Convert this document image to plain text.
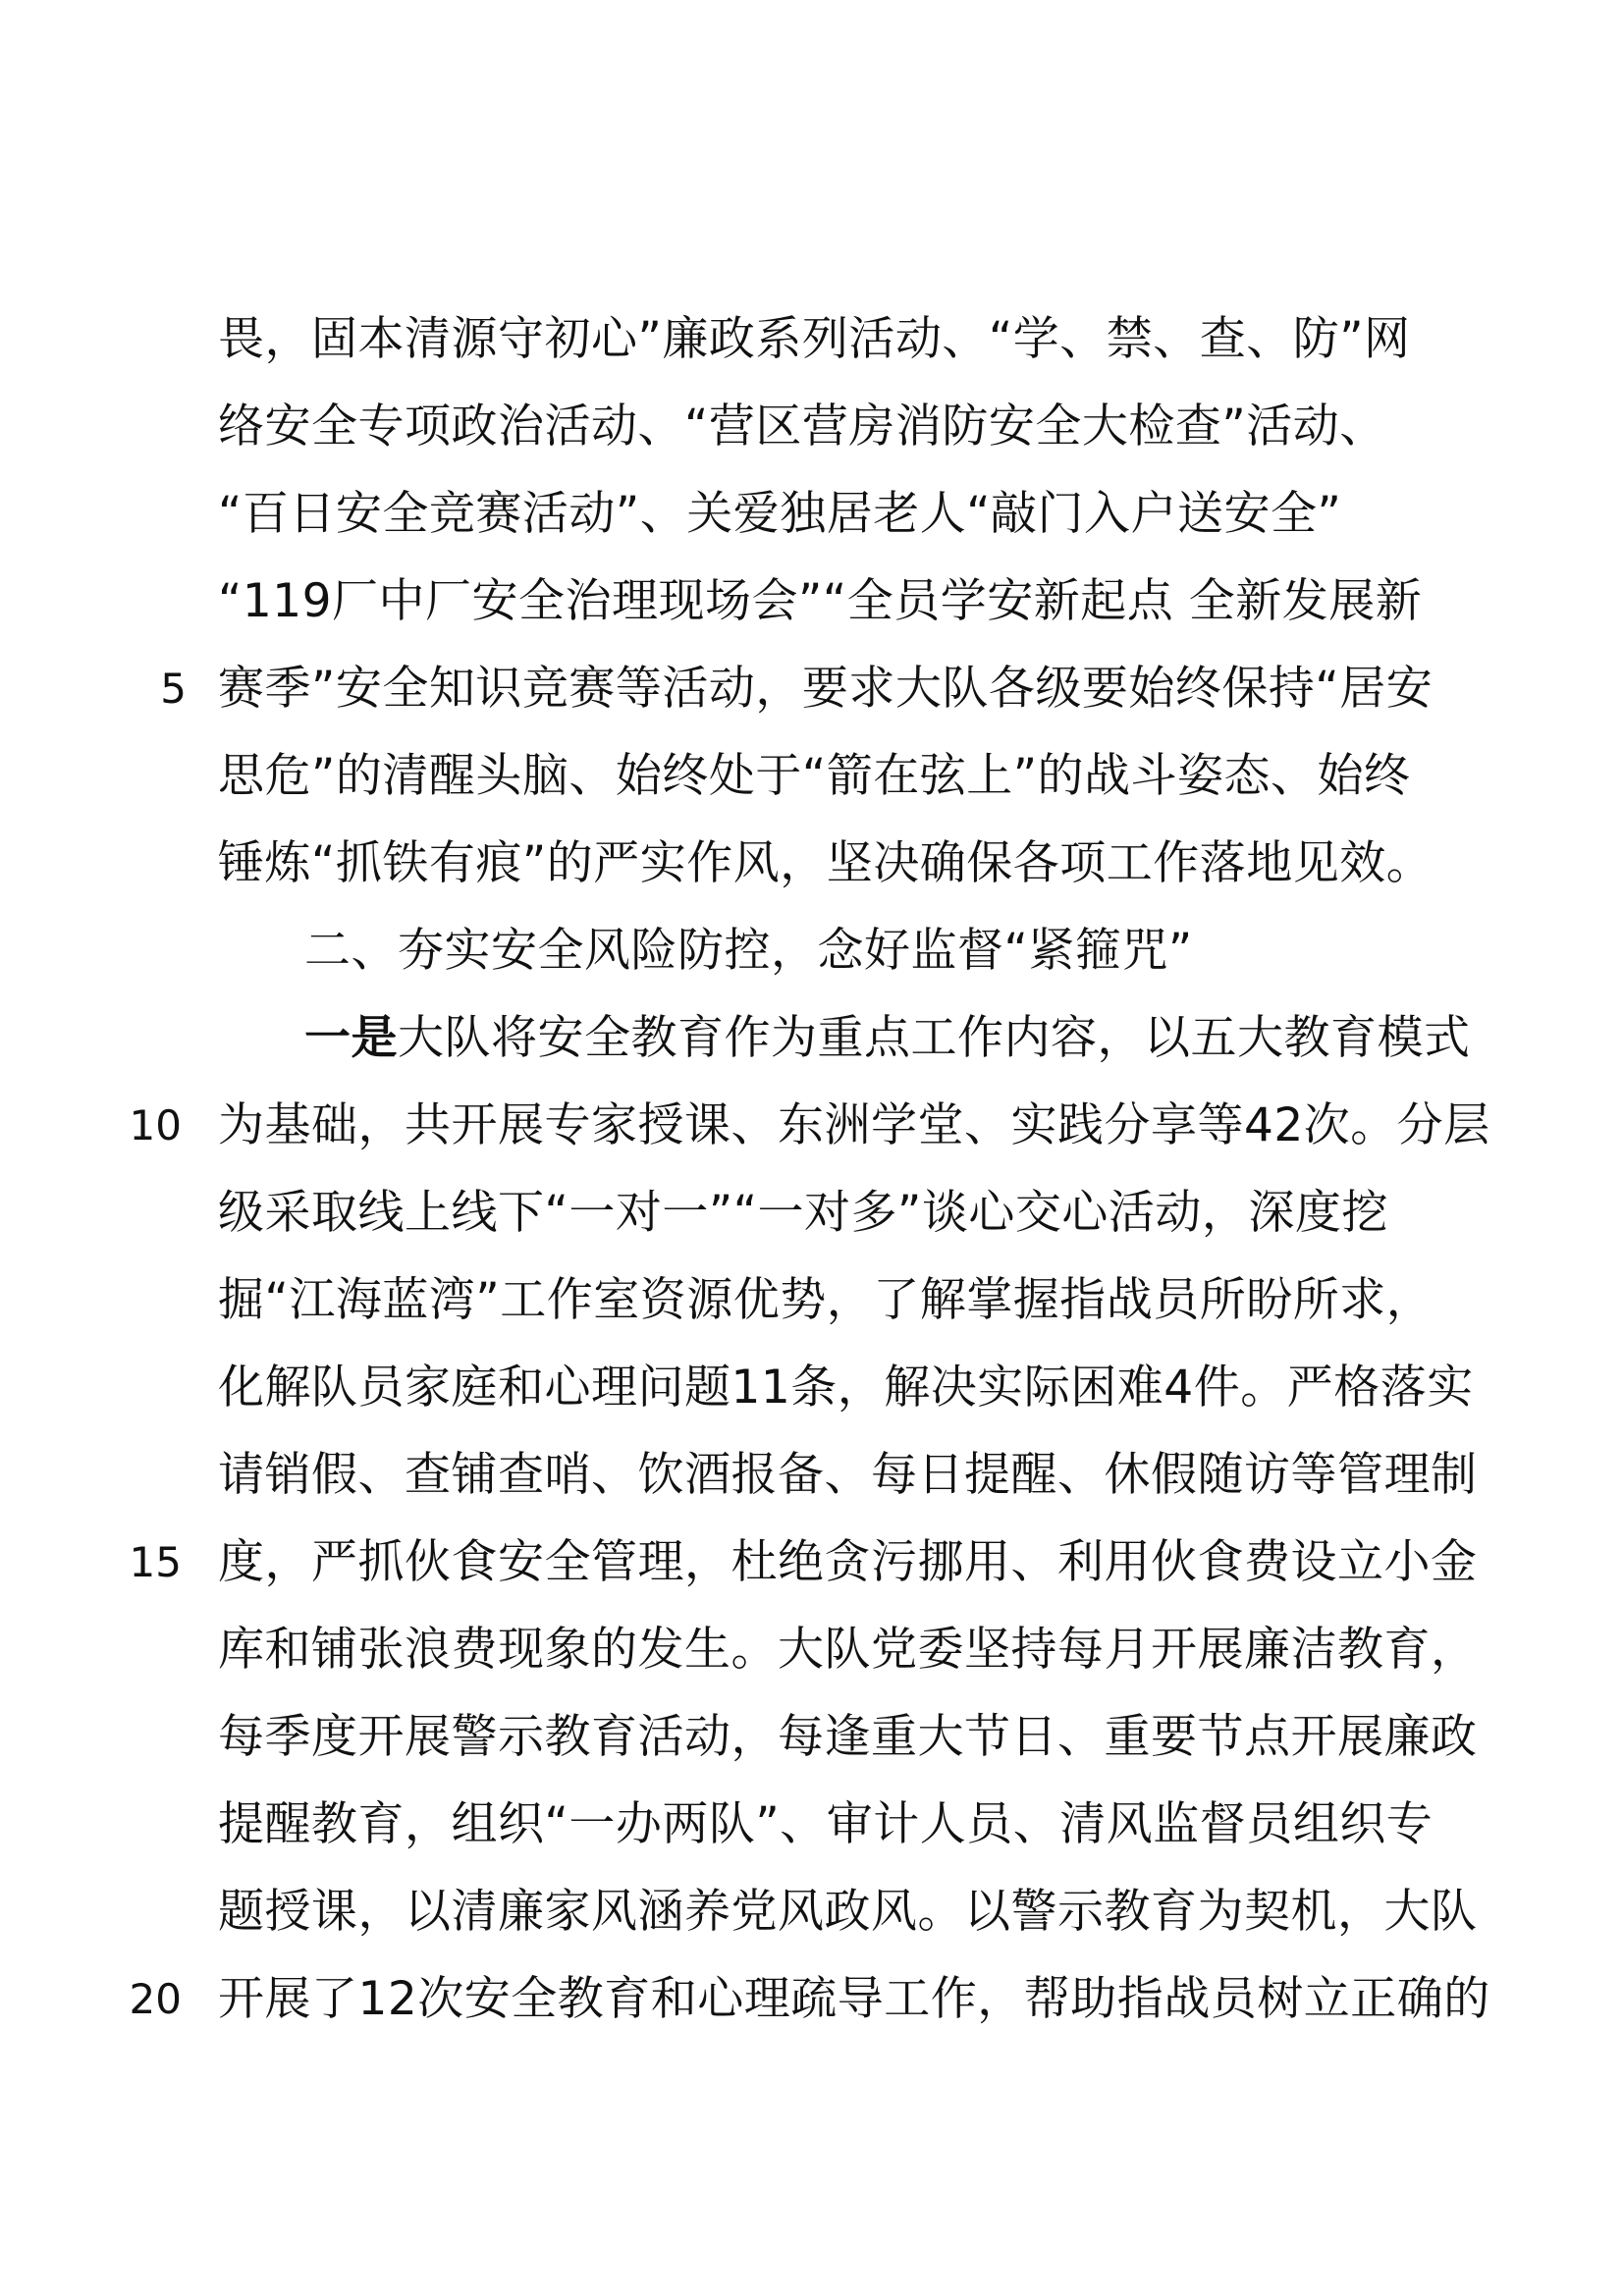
畏，固本清源守初心”廉政系列活动、“学、禁、查、防”网
络安全专项政治活动、“营区营房消防安全大检查”活动、
“百日安全竞赛活动”、关爱独居老人“敲门入户送安全”
“119厂中厂安全治理现场会”“全员学安新起点 全新发展新
5 赛季”安全知识竞赛等活动，要求大队各级要始终保持“居安
思危”的清醒头脑、始终处于“箭在弦上”的战斗姿态、始终
锤炼“抓铁有痕”的严实作风，坚决确保各项工作落地见效。
二、夯实安全风险防控，念好监督“紧箍咒”
一是大队将安全教育作为重点工作内容，以五大教育模式
10 为基础，共开展专家授课、东洲学堂、实践分享等42次。分层
级采取线上线下“一对一”“一对多”谈心交心活动，深度挖
掘“江海蓝湾”工作室资源优势，了解掌握指战员所盼所求，
化解队员家庭和心理问题11条，解决实际困难4件。严格落实
请销假、查铺查哨、饮酒报备、每日提醒、休假随访等管理制
15 度，严抓伙食安全管理，杜绝贪污挪用、利用伙食费设立小金
库和铺张浪费现象的发生。大队党委坚持每月开展廉洁教育，
每季度开展警示教育活动，每逢重大节日、重要节点开展廉政
提醒教育，组织“一办两队”、审计人员、清风监督员组织专
题授课，以清廉家风涵养党风政风。以警示教育为契机，大队
20 开展了12次安全教育和心理疏导工作，帮助指战员树立正确的
